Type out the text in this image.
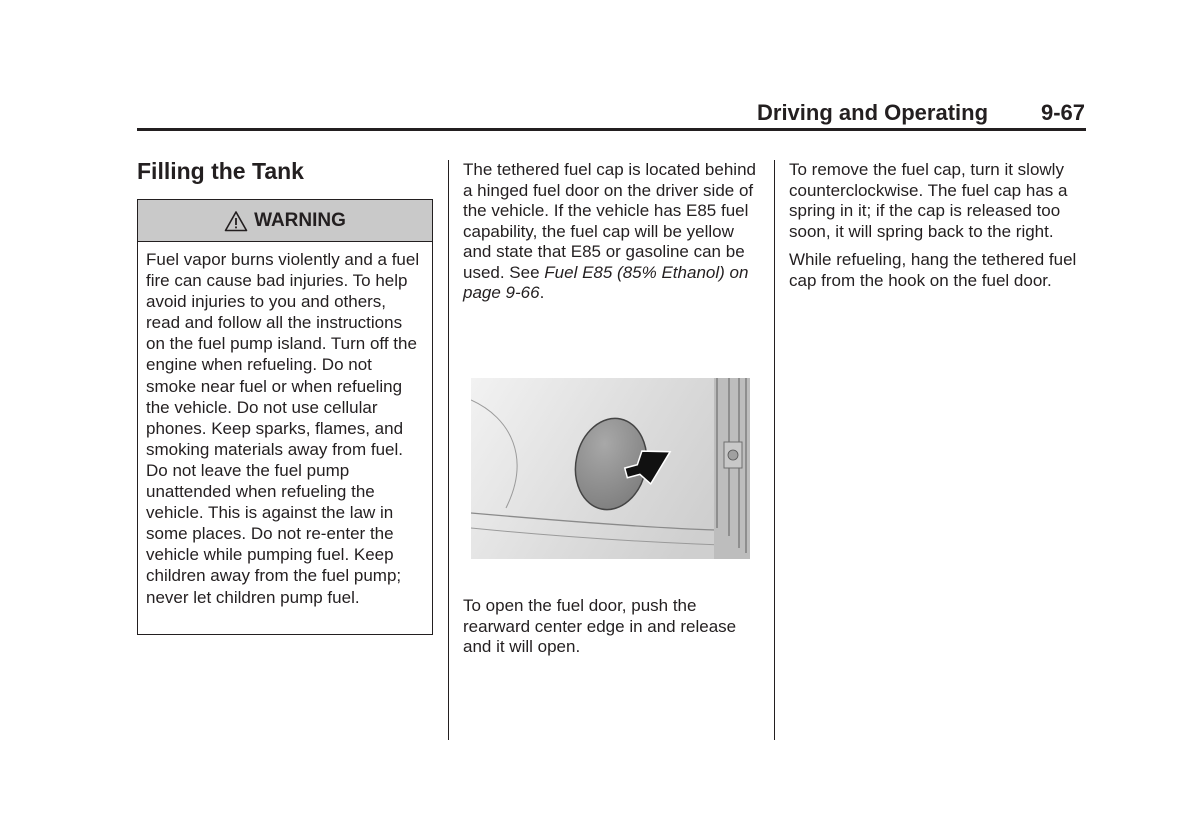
Driving and Operating 9-67
Filling the Tank
WARNING
Fuel vapor burns violently and a fuel fire can cause bad injuries. To help avoid injuries to you and others, read and follow all the instructions on the fuel pump island. Turn off the engine when refueling. Do not smoke near fuel or when refueling the vehicle. Do not use cellular phones. Keep sparks, flames, and smoking materials away from fuel. Do not leave the fuel pump unattended when refueling the vehicle. This is against the law in some places. Do not re-enter the vehicle while pumping fuel. Keep children away from the fuel pump; never let children pump fuel.

The tethered fuel cap is located behind a hinged fuel door on the driver side of the vehicle. If the vehicle has E85 fuel capability, the fuel cap will be yellow and state that E85 or gasoline can be used. See Fuel E85 (85% Ethanol) on page 9-66.

To open the fuel door, push the rearward center edge in and release and it will open.

To remove the fuel cap, turn it slowly counterclockwise. The fuel cap has a spring in it; if the cap is released too soon, it will spring back to the right.

While refueling, hang the tethered fuel cap from the hook on the fuel door.
